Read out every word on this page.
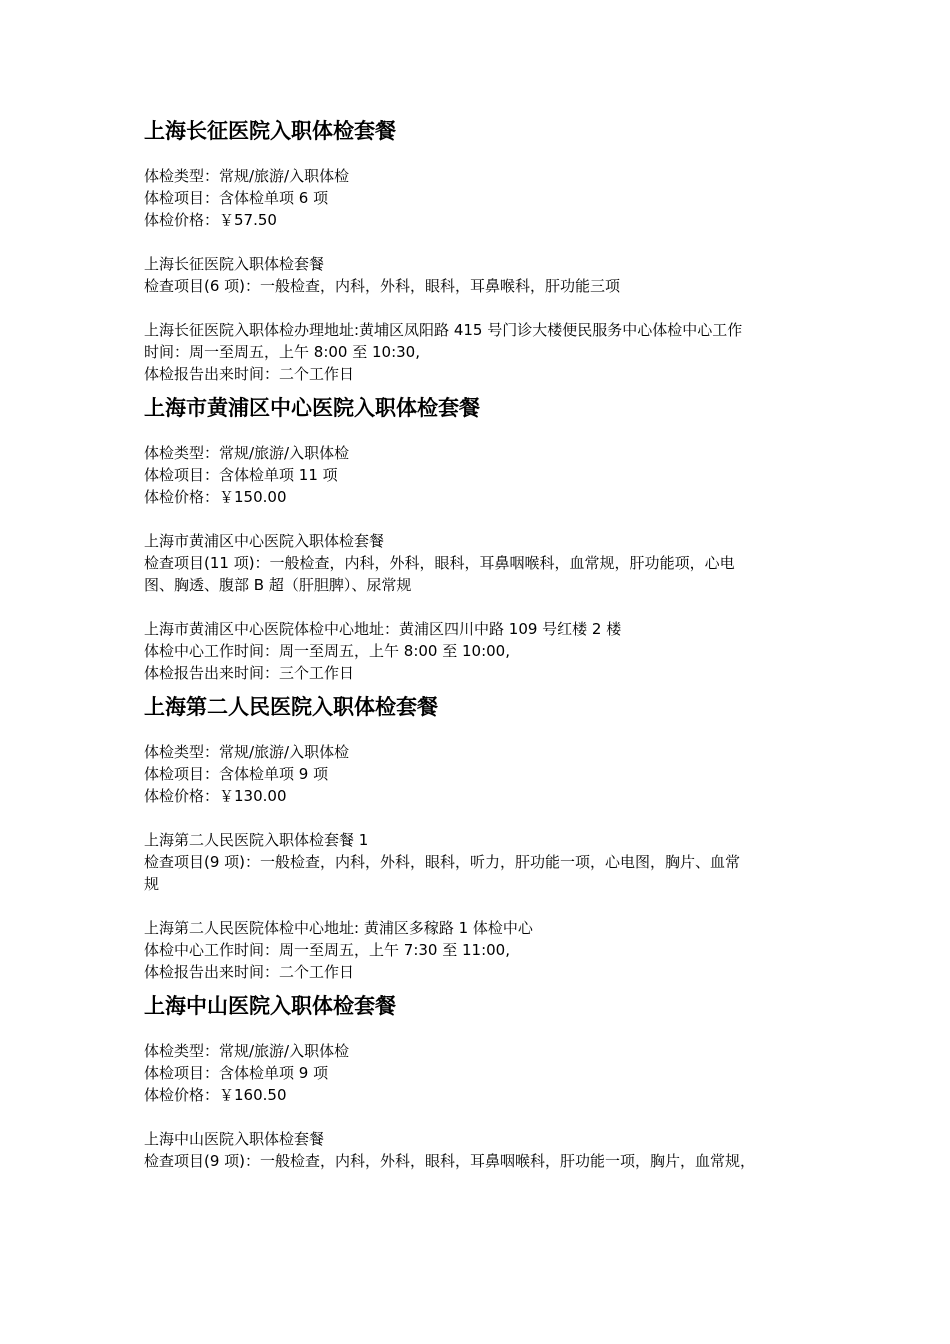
上海长征医院入职体检套餐

体检类型：常规/旅游/入职体检

体检项目：含体检单项 6 项

体检价格：￥57.50

上海长征医院入职体检套餐

检查项目(6 项)：一般检查，内科，外科，眼科，耳鼻喉科，肝功能三项

上海长征医院入职体检办理地址:黄埔区凤阳路 415 号门诊大楼便民服务中心体检中心工作

时间：周一至周五，上午 8:00 至 10:30,

体检报告出来时间：二个工作日

上海市黄浦区中心医院入职体检套餐

体检类型：常规/旅游/入职体检

体检项目：含体检单项 11 项

体检价格：￥150.00

上海市黄浦区中心医院入职体检套餐

检查项目(11 项)：一般检查，内科，外科，眼科，耳鼻咽喉科，血常规，肝功能项，心电

图、胸透、腹部 B 超（肝胆脾）、尿常规

上海市黄浦区中心医院体检中心地址：黄浦区四川中路 109 号红楼 2 楼

体检中心工作时间：周一至周五，上午 8:00 至 10:00,

体检报告出来时间：三个工作日

上海第二人民医院入职体检套餐

体检类型：常规/旅游/入职体检

体检项目：含体检单项 9 项

体检价格：￥130.00

上海第二人民医院入职体检套餐 1

检查项目(9 项)：一般检查，内科，外科，眼科，听力，肝功能一项，心电图，胸片、血常

规

上海第二人民医院体检中心地址: 黄浦区多稼路 1 体检中心

体检中心工作时间：周一至周五，上午 7:30 至 11:00,

体检报告出来时间：二个工作日

上海中山医院入职体检套餐

体检类型：常规/旅游/入职体检

体检项目：含体检单项 9 项

体检价格：￥160.50

上海中山医院入职体检套餐

检查项目(9 项)：一般检查，内科，外科，眼科，耳鼻咽喉科，肝功能一项，胸片，血常规，
